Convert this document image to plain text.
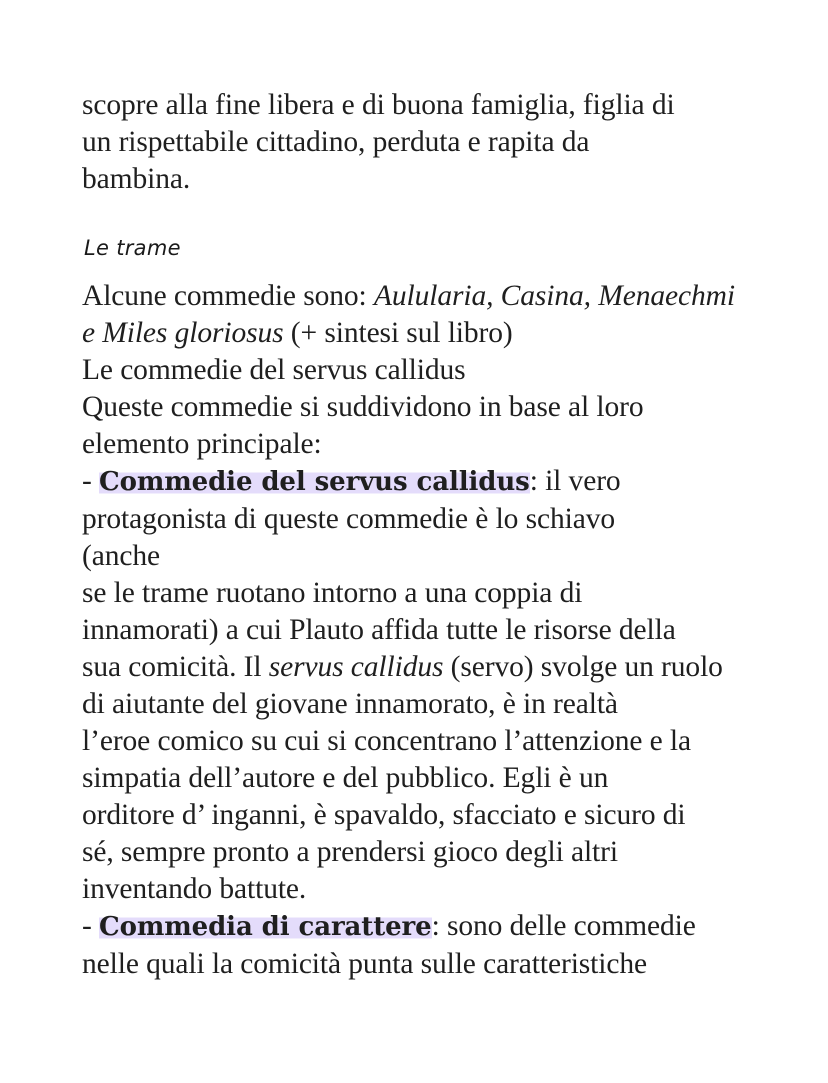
scopre alla fine libera e di buona famiglia, figlia di
un rispettabile cittadino, perduta e rapita da
bambina.
Le trame
Alcune commedie sono: Aulularia, Casina, Menaechmi
e Miles gloriosus (+ sintesi sul libro)
Le commedie del servus callidus
Queste commedie si suddividono in base al loro
elemento principale:
- Commedie del servus callidus: il vero
protagonista di queste commedie è lo schiavo
(anche
se le trame ruotano intorno a una coppia di
innamorati) a cui Plauto affida tutte le risorse della
sua comicità. Il servus callidus (servo) svolge un ruolo
di aiutante del giovane innamorato, è in realtà
l’eroe comico su cui si concentrano l’attenzione e la
simpatia dell’autore e del pubblico. Egli è un
orditore d’ inganni, è spavaldo, sfacciato e sicuro di
sé, sempre pronto a prendersi gioco degli altri
inventando battute.
- Commedia di carattere: sono delle commedie
nelle quali la comicità punta sulle caratteristiche
